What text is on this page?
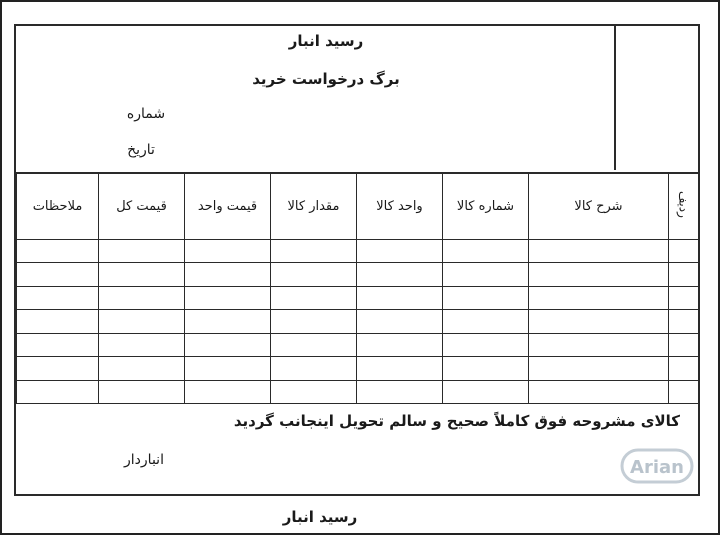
رسید انبار
برگ درخواست خرید
شماره
تاریخ
ردیف	شرح کالا	شماره کالا	واحد کالا	مقدار کالا	قیمت واحد	قیمت کل	ملاحظات

کالای مشروحه فوق کاملاً صحیح و سالم تحویل اینجانب گردید
انباردار	Arian
رسید انبار
